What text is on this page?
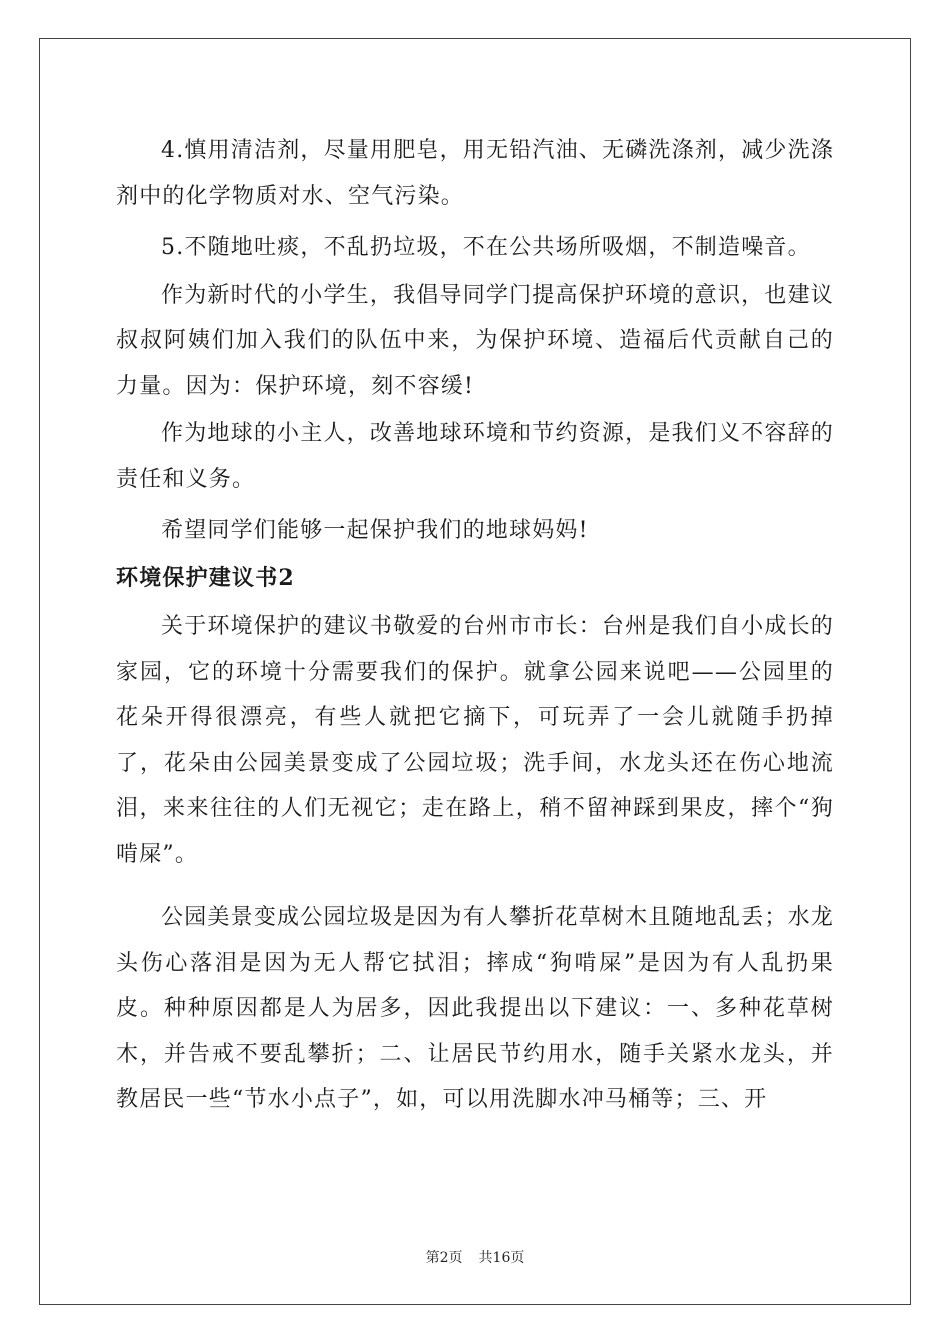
4.慎用清洁剂，尽量用肥皂，用无铅汽油、无磷洗涤剂，减少洗涤剂中的化学物质对水、空气污染。

5.不随地吐痰，不乱扔垃圾，不在公共场所吸烟，不制造噪音。

作为新时代的小学生，我倡导同学门提高保护环境的意识，也建议叔叔阿姨们加入我们的队伍中来，为保护环境、造福后代贡献自己的力量。因为：保护环境，刻不容缓!

作为地球的小主人，改善地球环境和节约资源，是我们义不容辞的责任和义务。

希望同学们能够一起保护我们的地球妈妈!

环境保护建议书2

关于环境保护的建议书敬爱的台州市市长：台州是我们自小成长的家园，它的环境十分需要我们的保护。就拿公园来说吧——公园里的花朵开得很漂亮，有些人就把它摘下，可玩弄了一会儿就随手扔掉了，花朵由公园美景变成了公园垃圾；洗手间，水龙头还在伤心地流泪，来来往往的人们无视它；走在路上，稍不留神踩到果皮，摔个“狗啃屎”。

公园美景变成公园垃圾是因为有人攀折花草树木且随地乱丢；水龙头伤心落泪是因为无人帮它拭泪；摔成“狗啃屎”是因为有人乱扔果皮。种种原因都是人为居多，因此我提出以下建议：一、多种花草树木，并告戒不要乱攀折；二、让居民节约用水，随手关紧水龙头，并教居民一些“节水小点子”，如，可以用洗脚水冲马桶等；三、开

第2页 共16页
